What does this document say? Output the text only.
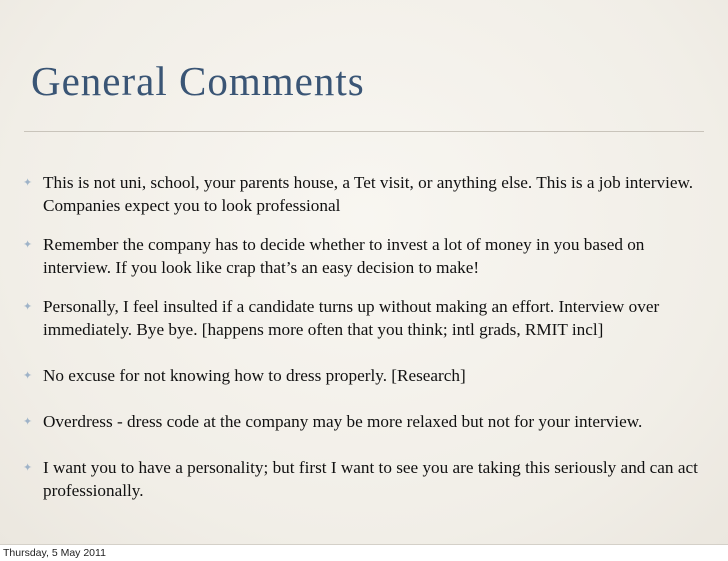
General Comments
✦ This is not uni, school, your parents house, a Tet visit, or anything else. This is a job interview. Companies expect you to look professional
✦ Remember the company has to decide whether to invest a lot of money in you based on interview. If you look like crap that’s an easy decision to make!
✦ Personally, I feel insulted if a candidate turns up without making an effort. Interview over immediately. Bye bye. [happens more often that you think; intl grads, RMIT incl]
✦ No excuse for not knowing how to dress properly. [Research]
✦ Overdress - dress code at the company may be more relaxed but not for your interview.
✦ I want you to have a personality; but first I want to see you are taking this seriously and can act professionally.
Thursday, 5 May 2011
